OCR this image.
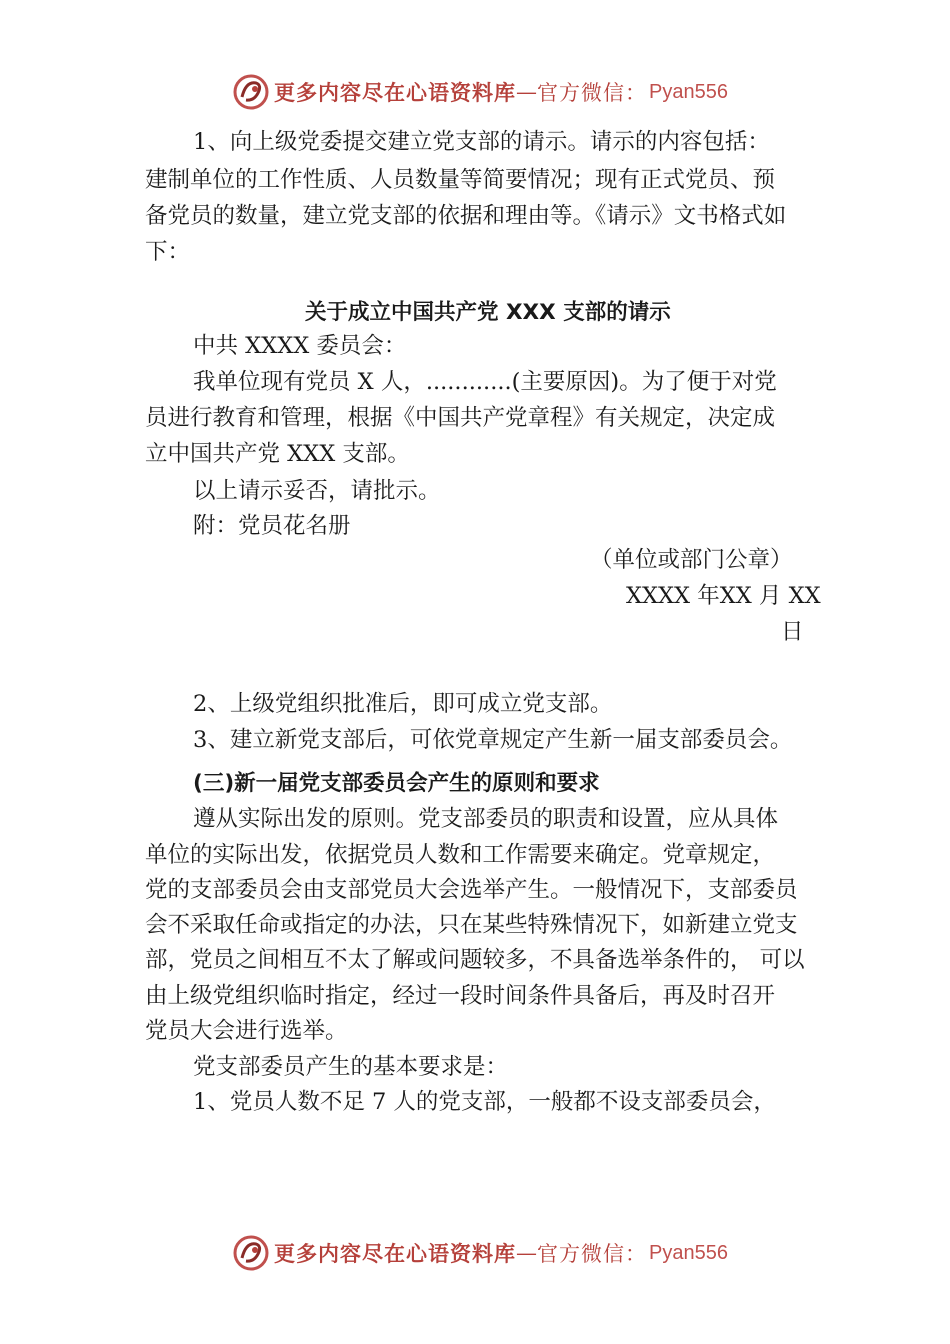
更多内容尽在心语资料库 — 官方微信： Pyan556
1、向上级党委提交建立党支部的请示。请示的内容包括：
建制单位的工作性质、人员数量等简要情况；现有正式党员、预
备党员的数量，建立党支部的依据和理由等。《请示》文书格式如
下：
关于成立中国共产党 XXX 支部的请示
中共 XXXX 委员会：
我单位现有党员 X 人，............(主要原因)。为了便于对党
员进行教育和管理，根据《中国共产党章程》有关规定，决定成
立中国共产党 XXX 支部。
以上请示妥否，请批示。
附：党员花名册
（单位或部门公章）
XXXX 年XX 月 XX
日
2、上级党组织批准后，即可成立党支部。
3、建立新党支部后，可依党章规定产生新一届支部委员会。
(三)新一届党支部委员会产生的原则和要求
遵从实际出发的原则。党支部委员的职责和设置，应从具体
单位的实际出发，依据党员人数和工作需要来确定。党章规定，
党的支部委员会由支部党员大会选举产生。一般情况下，支部委员
会不采取任命或指定的办法，只在某些特殊情况下，如新建立党支
部，党员之间相互不太了解或问题较多，不具备选举条件的， 可以
由上级党组织临时指定，经过一段时间条件具备后，再及时召开
党员大会进行选举。
党支部委员产生的基本要求是：
1、党员人数不足 7 人的党支部，一般都不设支部委员会，
更多内容尽在心语资料库 — 官方微信： Pyan556
